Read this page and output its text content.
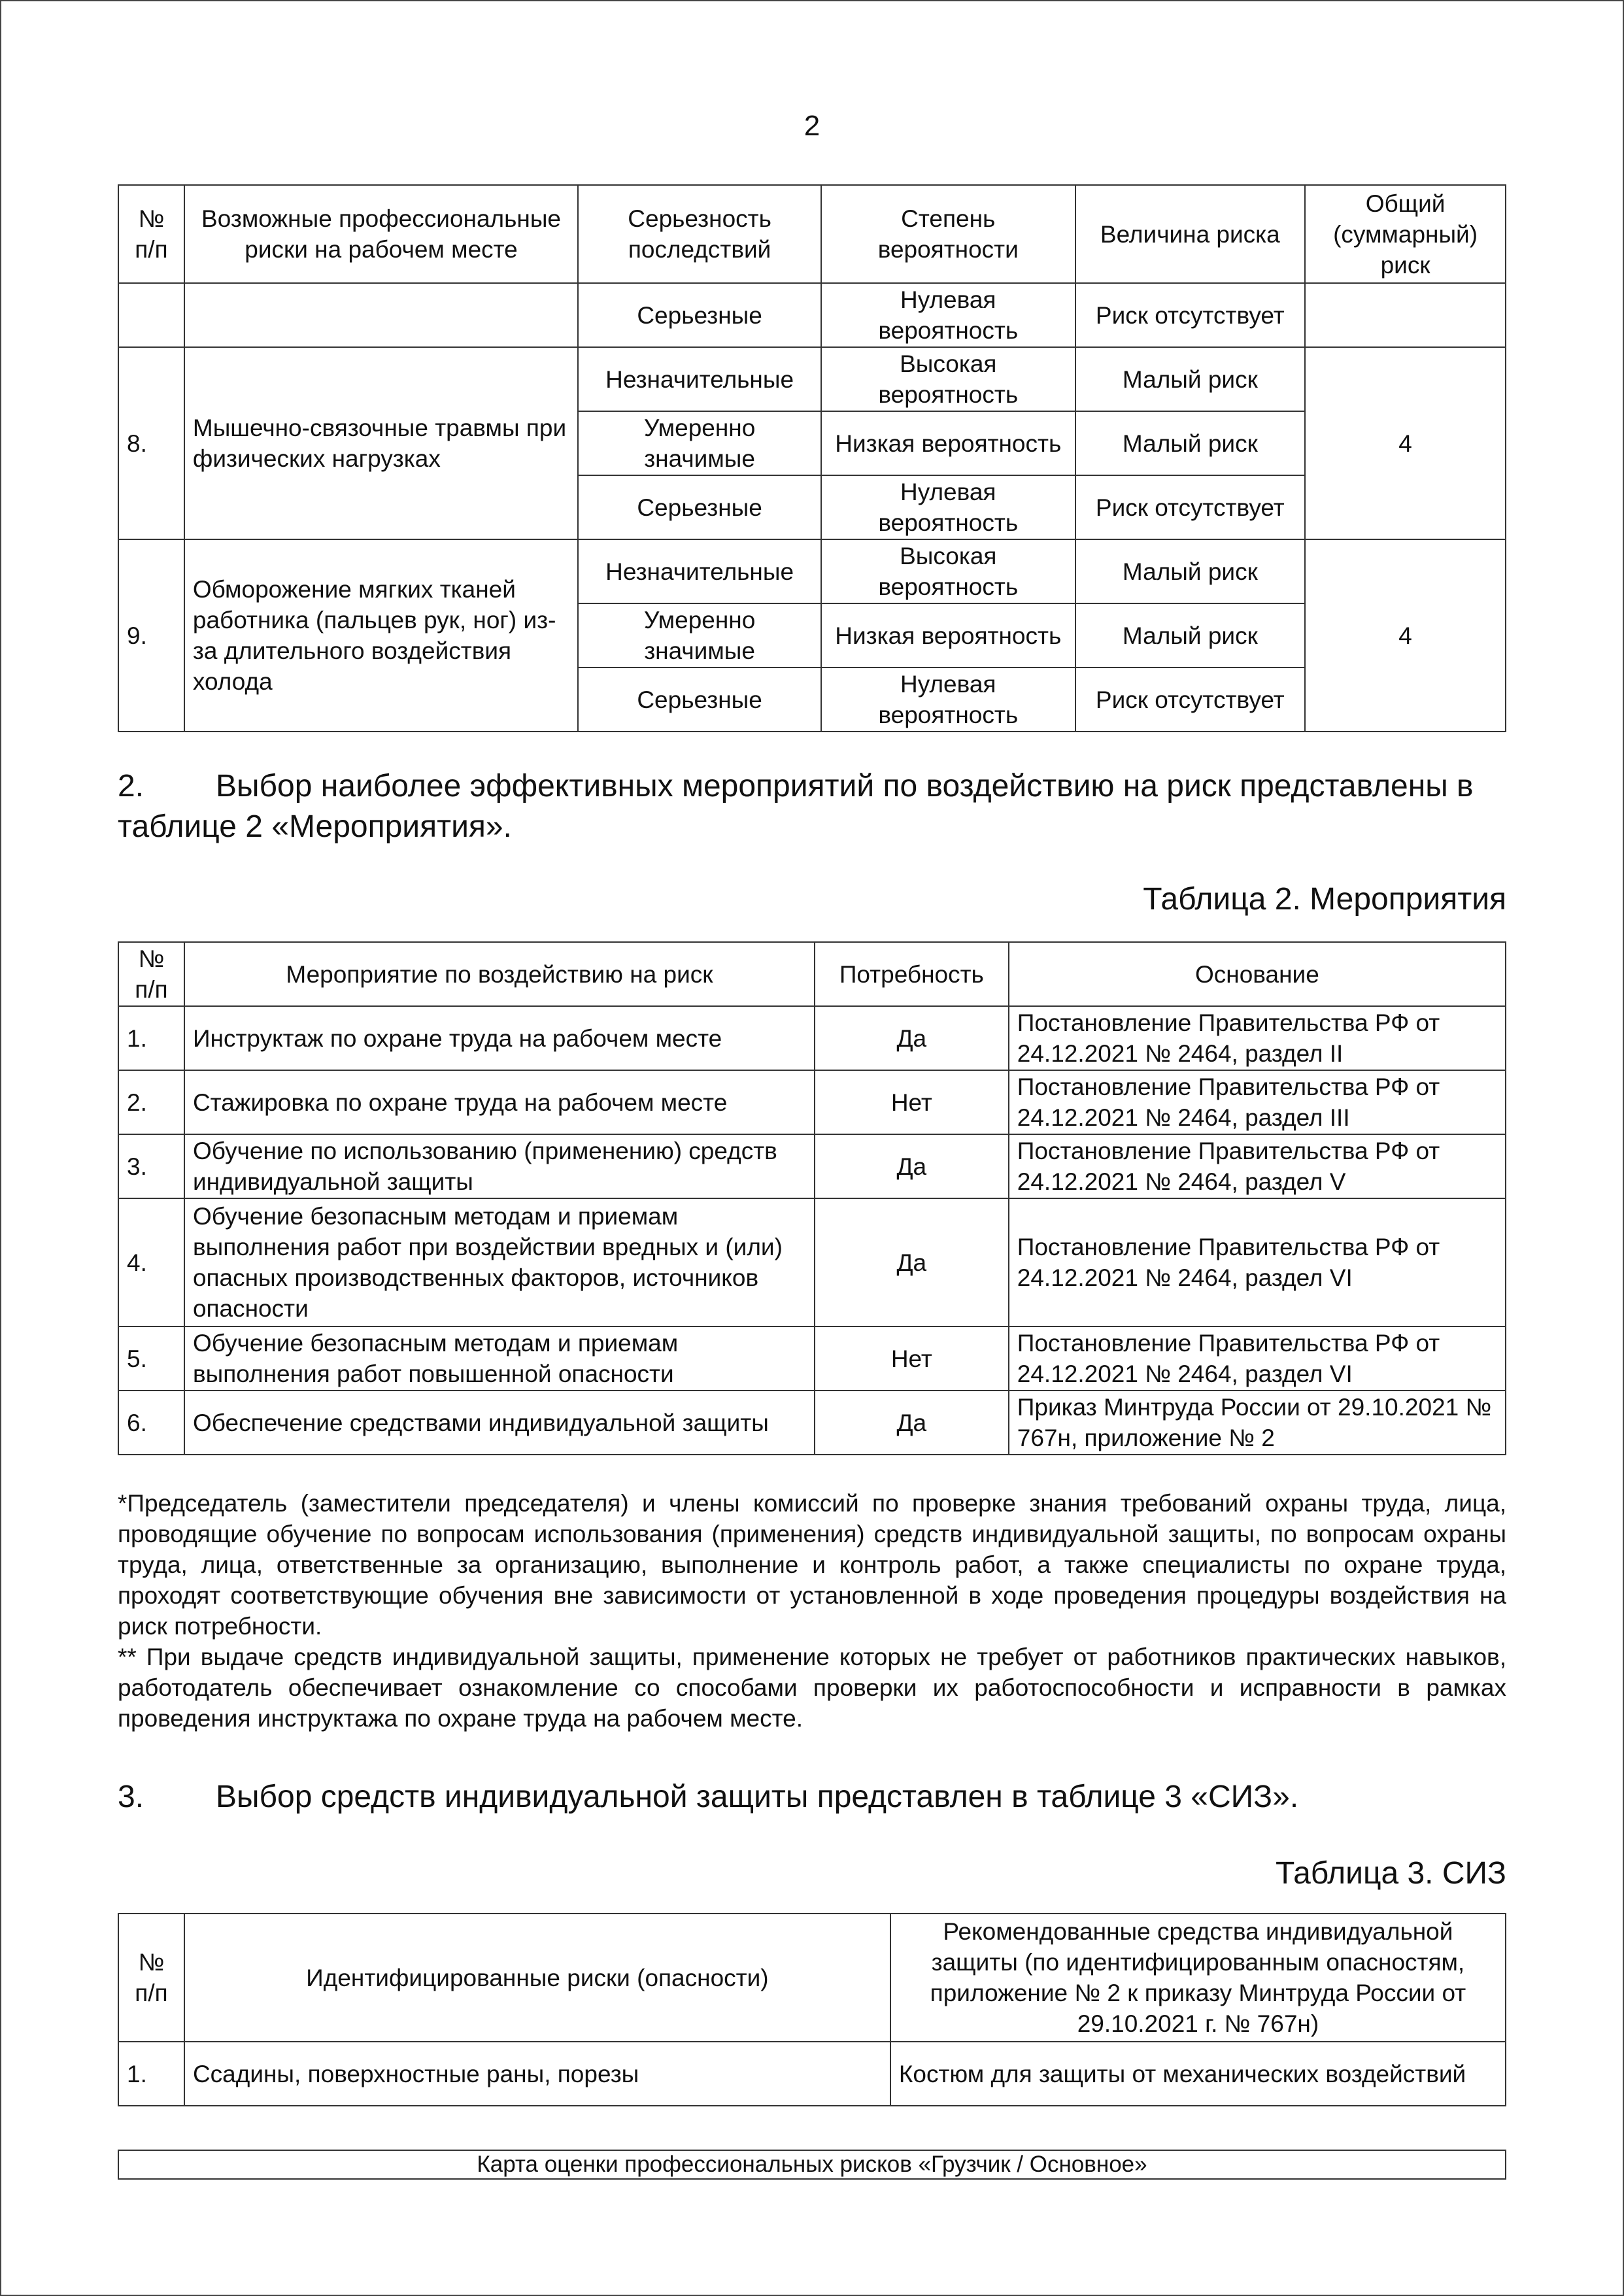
2
№ п/п	Возможные профессиональные риски на рабочем месте	Серьезность последствий	Степень вероятности	Величина риска	Общий (суммарный) риск
		Серьезные	Нулевая вероятность	Риск отсутствует	
8.	Мышечно-связочные травмы при физических нагрузках	Незначительные	Высокая вероятность	Малый риск	4
		Умеренно значимые	Низкая вероятность	Малый риск	
		Серьезные	Нулевая вероятность	Риск отсутствует	
9.	Обморожение мягких тканей работника (пальцев рук, ног) из-за длительного воздействия холода	Незначительные	Высокая вероятность	Малый риск	4
		Умеренно значимые	Низкая вероятность	Малый риск	
		Серьезные	Нулевая вероятность	Риск отсутствует	
2. Выбор наиболее эффективных мероприятий по воздействию на риск представлены в таблице 2 «Мероприятия».
Таблица 2. Мероприятия
№ п/п	Мероприятие по воздействию на риск	Потребность	Основание
1.	Инструктаж по охране труда на рабочем месте	Да	Постановление Правительства РФ от 24.12.2021 № 2464, раздел II
2.	Стажировка по охране труда на рабочем месте	Нет	Постановление Правительства РФ от 24.12.2021 № 2464, раздел III
3.	Обучение по использованию (применению) средств индивидуальной защиты	Да	Постановление Правительства РФ от 24.12.2021 № 2464, раздел V
4.	Обучение безопасным методам и приемам выполнения работ при воздействии вредных и (или) опасных производственных факторов, источников опасности	Да	Постановление Правительства РФ от 24.12.2021 № 2464, раздел VI
5.	Обучение безопасным методам и приемам выполнения работ повышенной опасности	Нет	Постановление Правительства РФ от 24.12.2021 № 2464, раздел VI
6.	Обеспечение средствами индивидуальной защиты	Да	Приказ Минтруда России от 29.10.2021 № 767н, приложение № 2

*Председатель (заместители председателя) и члены комиссий по проверке знания требований охраны труда, лица, проводящие обучение по вопросам использования (применения) средств индивидуальной защиты, по вопросам охраны труда, лица, ответственные за организацию, выполнение и контроль работ, а также специалисты по охране труда, проходят соответствующие обучения вне зависимости от установленной в ходе проведения процедуры воздействия на риск потребности.

** При выдаче средств индивидуальной защиты, применение которых не требует от работников практических навыков, работодатель обеспечивает ознакомление со способами проверки их работоспособности и исправности в рамках проведения инструктажа по охране труда на рабочем месте.

3. Выбор средств индивидуальной защиты представлен в таблице 3 «СИЗ».
Таблица 3. СИЗ
№ п/п	Идентифицированные риски (опасности)	Рекомендованные средства индивидуальной защиты (по идентифицированным опасностям, приложение № 2 к приказу Минтруда России от 29.10.2021 г. № 767н)
1.	Ссадины, поверхностные раны, порезы	Костюм для защиты от механических воздействий
Карта оценки профессиональных рисков «Грузчик / Основное»
